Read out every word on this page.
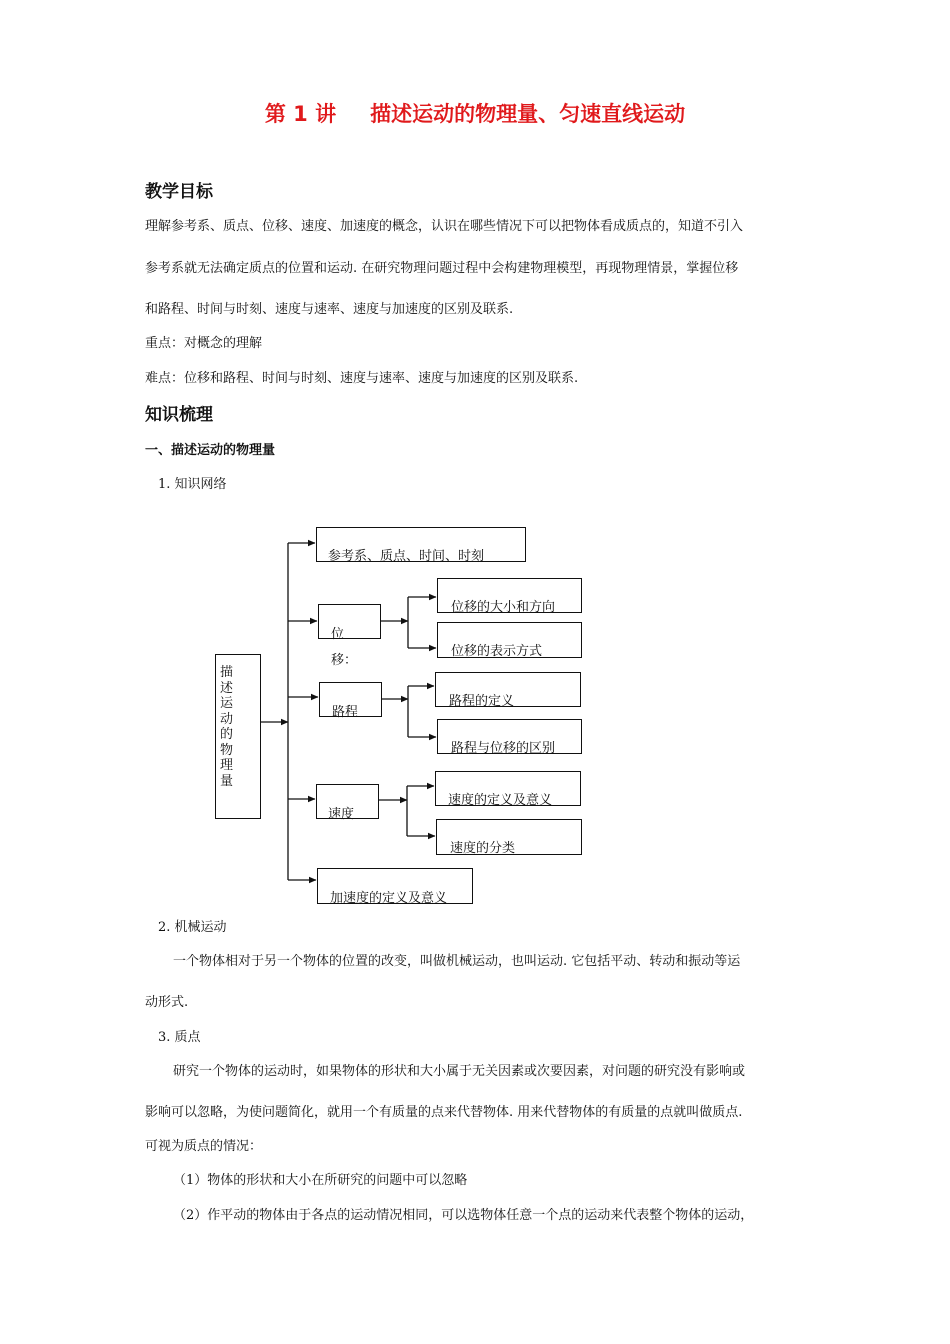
第 1 讲 描述运动的物理量、匀速直线运动
教学目标
理解参考系、质点、位移、速度、加速度的概念，认识在哪些情况下可以把物体看成质点的，知道不引入
参考系就无法确定质点的位置和运动. 在研究物理问题过程中会构建物理模型，再现物理情景，掌握位移
和路程、时间与时刻、速度与速率、速度与加速度的区别及联系.
重点：对概念的理解
难点：位移和路程、时间与时刻、速度与速率、速度与加速度的区别及联系.
知识梳理
一、描述运动的物理量
1. 知识网络
描述运动的物理量
参考系、质点、时间、时刻
位
移：
位移的大小和方向
位移的表示方式
路程
路程的定义
路程与位移的区别
速度
速度的定义及意义
速度的分类
加速度的定义及意义
2. 机械运动
一个物体相对于另一个物体的位置的改变，叫做机械运动，也叫运动. 它包括平动、转动和振动等运
动形式.
3. 质点
研究一个物体的运动时，如果物体的形状和大小属于无关因素或次要因素，对问题的研究没有影响或
影响可以忽略，为使问题简化，就用一个有质量的点来代替物体. 用来代替物体的有质量的点就叫做质点.
可视为质点的情况：
（1）物体的形状和大小在所研究的问题中可以忽略
（2）作平动的物体由于各点的运动情况相同，可以选物体任意一个点的运动来代表整个物体的运动，
